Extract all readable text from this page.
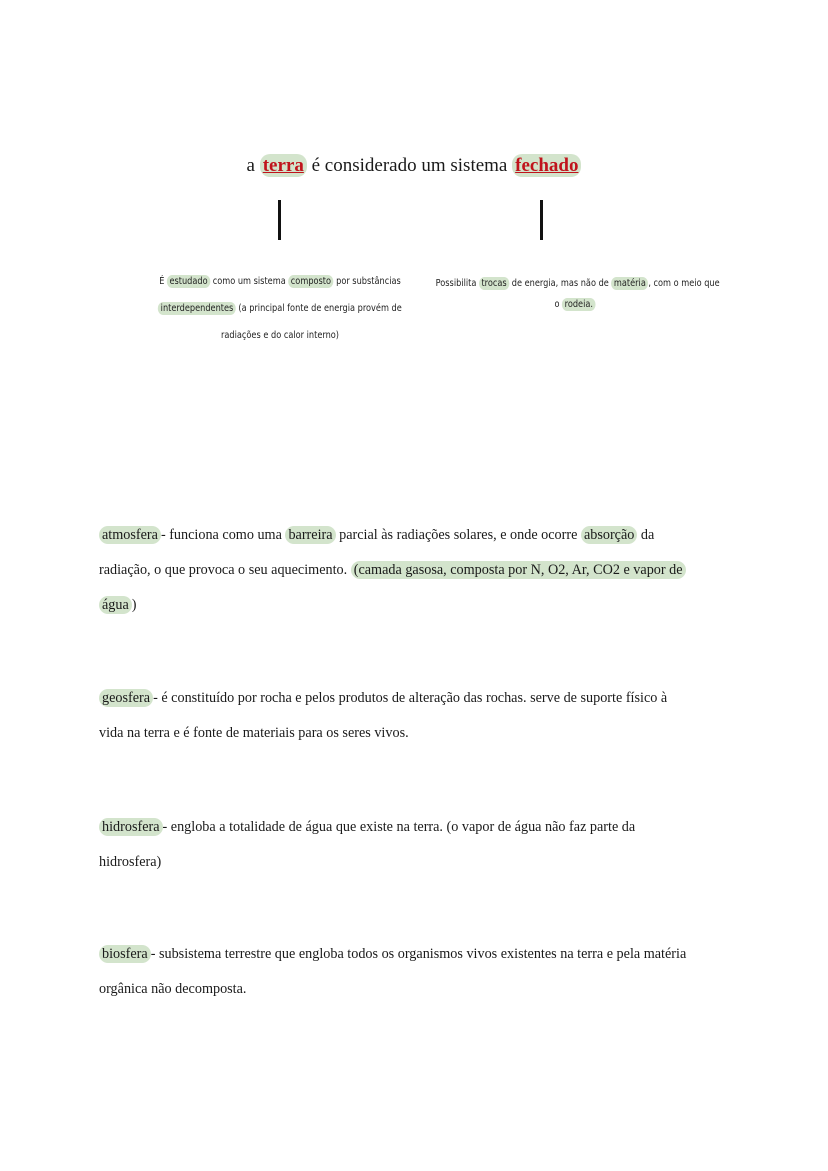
a terra é considerado um sistema fechado
É estudado como um sistema composto por substâncias
interdependentes (a principal fonte de energia provém de
radiações e do calor interno)
Possibilita trocas de energia, mas não de matéria , com o meio que
o rodeia.
atmosfera - funciona como uma barreira parcial às radiações solares, e onde ocorre absorção da
radiação, o que provoca o seu aquecimento. (camada gasosa, composta por N, O2, Ar, CO2 e vapor de
água )
geosfera - é constituído por rocha e pelos produtos de alteração das rochas. serve de suporte físico à
vida na terra e é fonte de materiais para os seres vivos.
hidrosfera - engloba a totalidade de água que existe na terra. (o vapor de água não faz parte da
hidrosfera)
biosfera - subsistema terrestre que engloba todos os organismos vivos existentes na terra e pela matéria
orgânica não decomposta.
